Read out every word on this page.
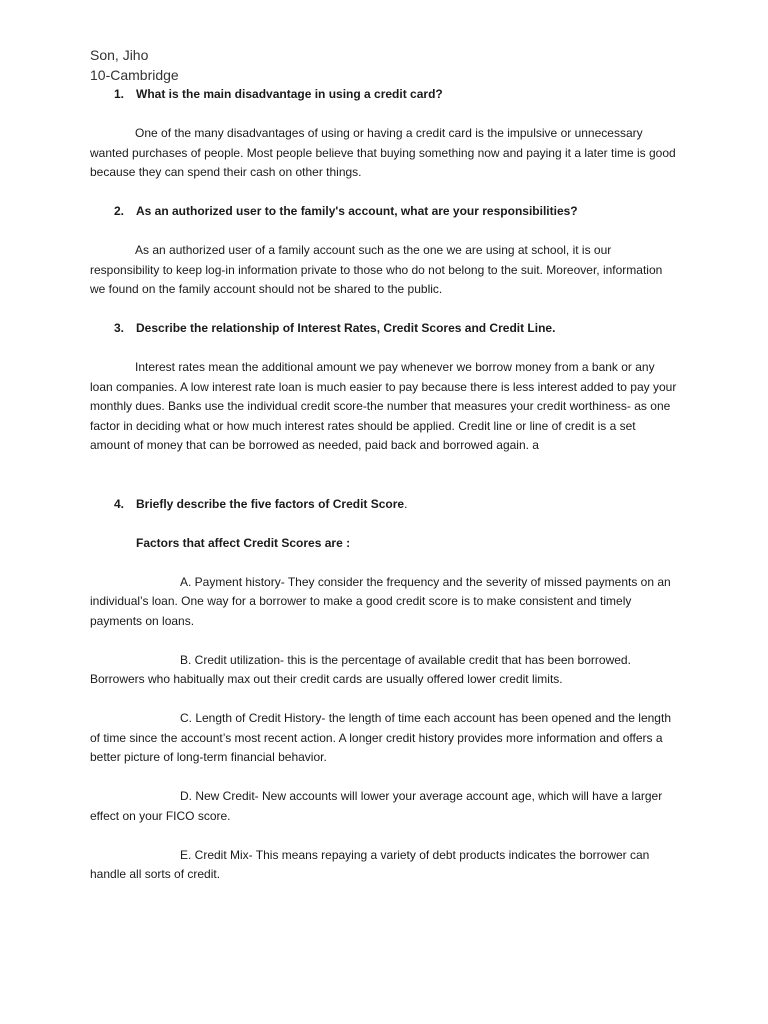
Son, Jiho
10-Cambridge
1. What is the main disadvantage in using a credit card?

One of the many disadvantages of using or having a credit card is the impulsive or unnecessary wanted purchases of people. Most people believe that buying something now and paying it a later time is good because they can spend their cash on other things.

2. As an authorized user to the family's account, what are your responsibilities?

As an authorized user of a family account such as the one we are using at school, it is our responsibility to keep log-in information private to those who do not belong to the suit. Moreover, information we found on the family account should not be shared to the public.

3. Describe the relationship of Interest Rates, Credit Scores and Credit Line.

Interest rates mean the additional amount we pay whenever we borrow money from a bank or any loan companies. A low interest rate loan is much easier to pay because there is less interest added to pay your monthly dues. Banks use the individual credit score-the number that measures your credit worthiness- as one factor in deciding what or how much interest rates should be applied. Credit line or line of credit is a set amount of money that can be borrowed as needed, paid back and borrowed again. a

4. Briefly describe the five factors of Credit Score.
Factors that affect Credit Scores are :

A. Payment history- They consider the frequency and the severity of missed payments on an individual’s loan. One way for a borrower to make a good credit score is to make consistent and timely payments on loans.

B. Credit utilization- this is the percentage of available credit that has been borrowed. Borrowers who habitually max out their credit cards are usually offered lower credit limits.

C. Length of Credit History- the length of time each account has been opened and the length of time since the account’s most recent action. A longer credit history provides more information and offers a better picture of long-term financial behavior.

D. New Credit- New accounts will lower your average account age, which will have a larger effect on your FICO score.

E. Credit Mix- This means repaying a variety of debt products indicates the borrower can handle all sorts of credit.
